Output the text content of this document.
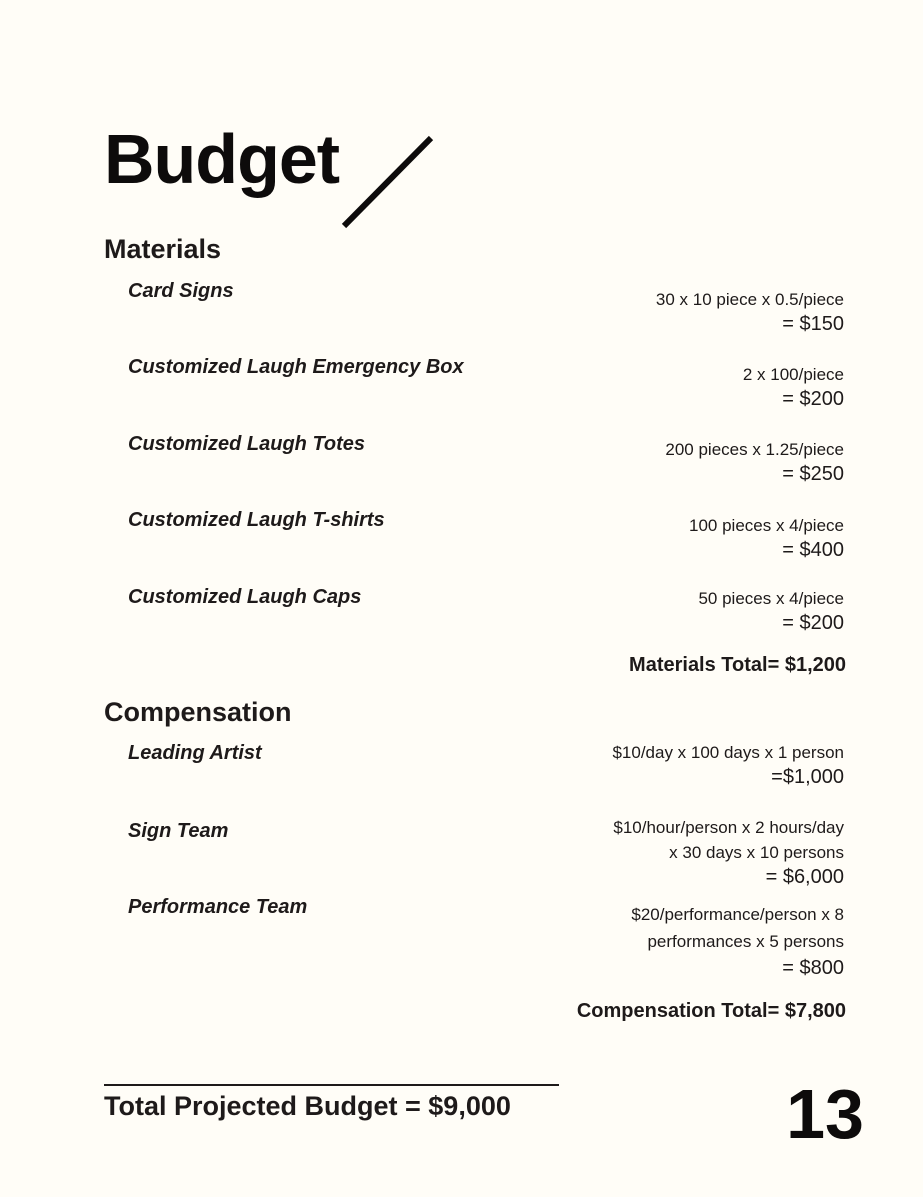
Budget
Materials
Card Signs	30 x 10 piece x 0.5/piece
= $150
Customized Laugh Emergency Box	2 x 100/piece
= $200
Customized Laugh Totes	200 pieces x 1.25/piece
= $250
Customized Laugh T-shirts	100 pieces x 4/piece
= $400
Customized Laugh Caps	50 pieces x 4/piece
= $200
Materials Total= $1,200
Compensation
Leading Artist	$10/day x 100 days x 1 person
=$1,000
Sign Team	$10/hour/person x 2 hours/day
x 30 days x 10 persons
= $6,000
Performance Team	$20/performance/person x 8
performances x 5 persons
= $800
Compensation Total= $7,800
Total Projected Budget = $9,000	13
